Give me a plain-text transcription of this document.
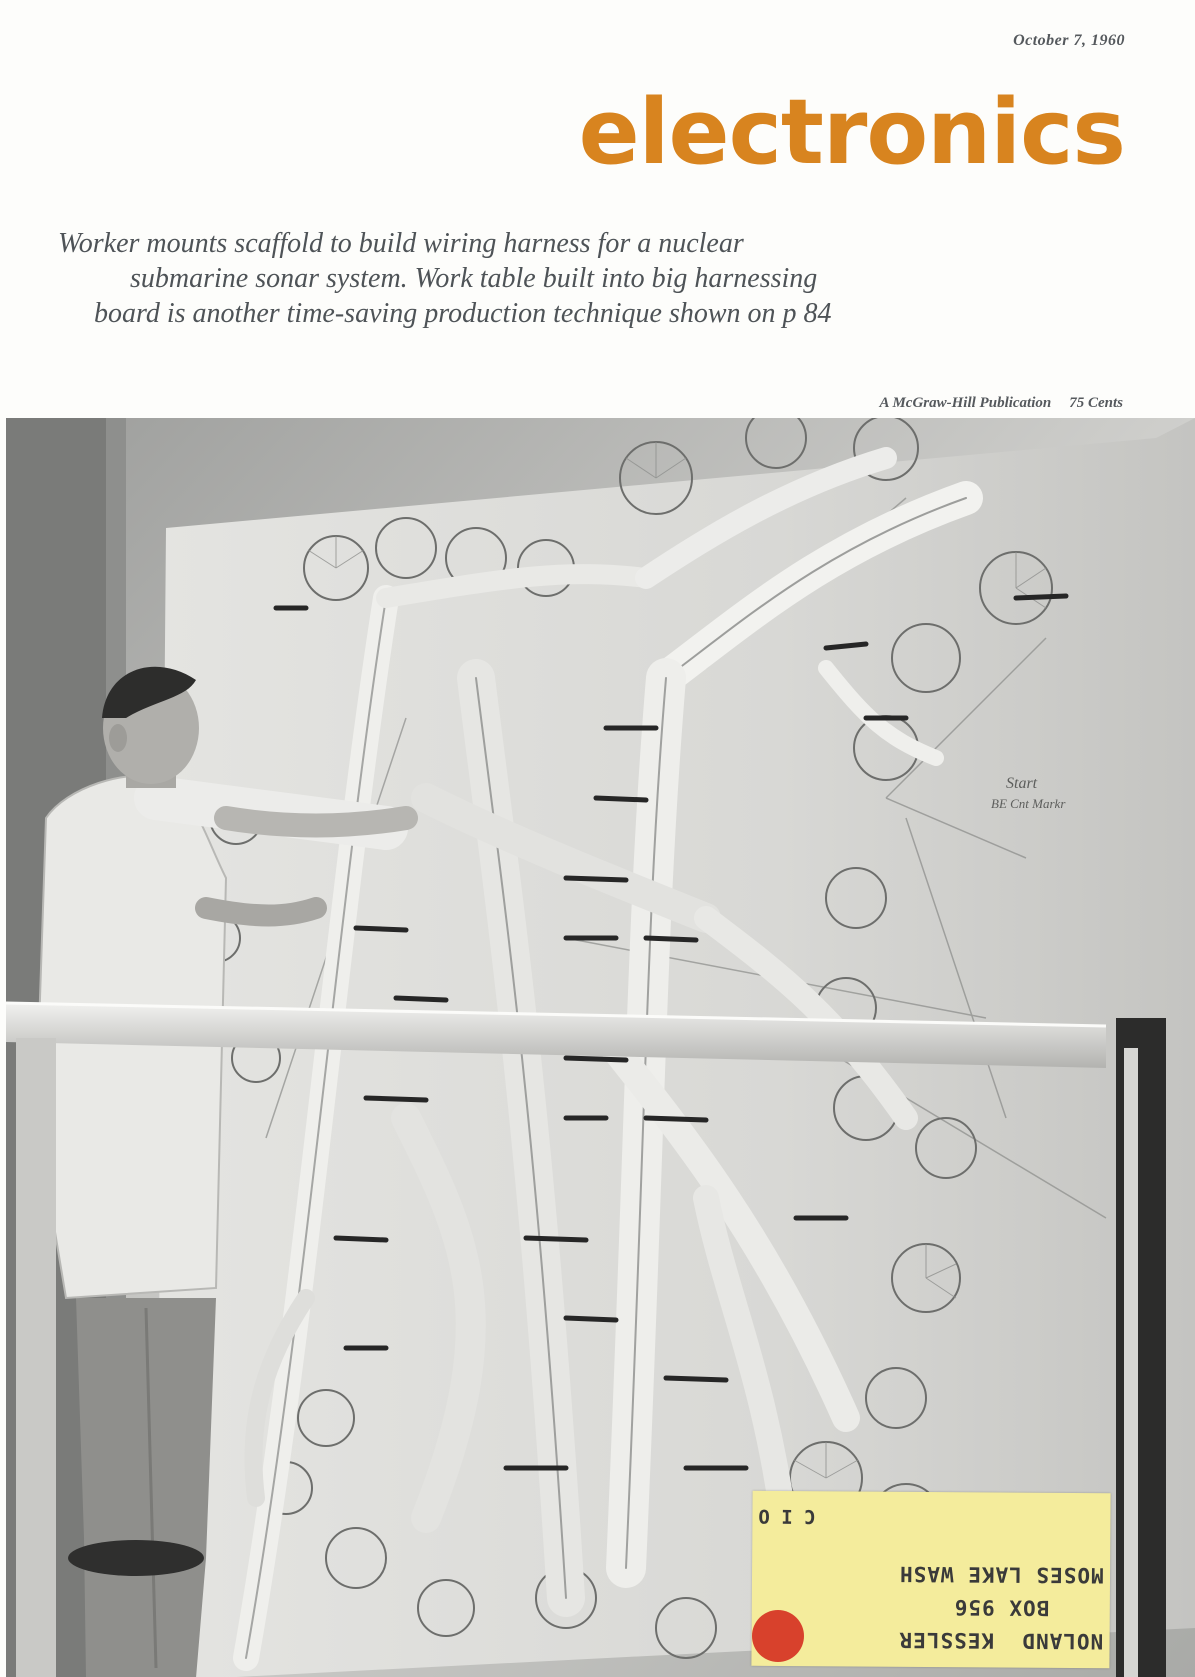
October 7, 1960
electronics
Worker mounts scaffold to build wiring harness for a nuclear
submarine sonar system. Work table built into big harnessing
board is another time-saving production technique shown on p 84
A McGraw-Hill Publication 75 Cents
Start
BE Cnt Markr
C I O
MOSES LAKE WASH
BOX 956
NOLAND  KESSLER
